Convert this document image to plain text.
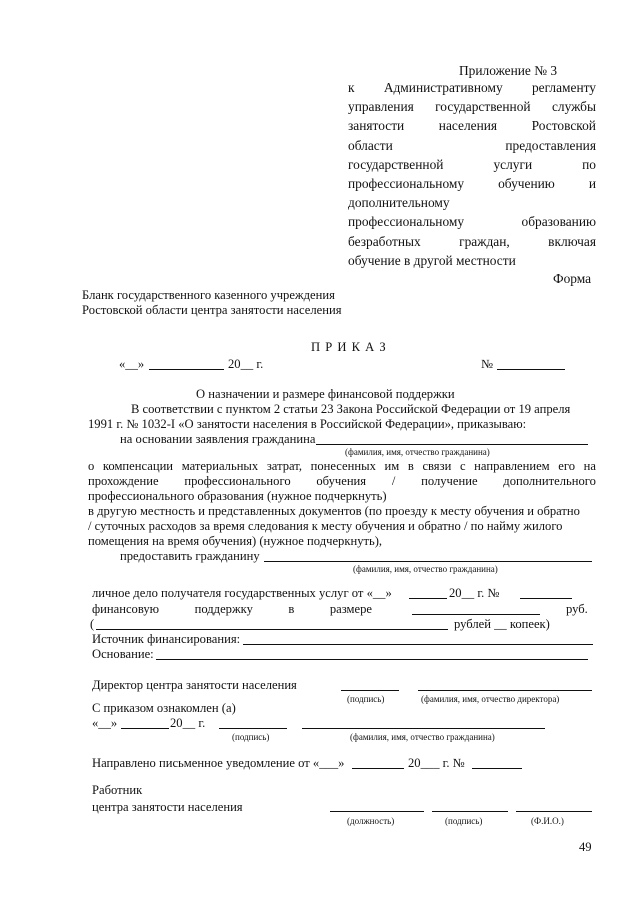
Приложение № 3
к Административному регламенту
управления государственной службы
занятости	населения	Ростовской
области	предоставления
государственной	услуги	по
профессиональному	обучению	и
дополнительному
профессиональному	образованию
безработных	граждан,	включая
обучение в другой местности
Форма
Бланк государственного казенного учреждения
Ростовской области центра занятости населения
П Р И К А З
«__»	20__ г.	№
О назначении и размере финансовой поддержки
В соответствии с пунктом 2 статьи 23 Закона Российской Федерации от 19 апреля
1991 г. № 1032-I «О занятости населения в Российской Федерации», приказываю:
на основании заявления гражданина
(фамилия, имя, отчество гражданина)
о компенсации материальных затрат, понесенных им в связи с направлением его на
прохождение профессионального обучения / получение дополнительного
профессионального образования (нужное подчеркнуть)
в другую местность и представленных документов (по проезду к месту обучения и обратно
/ суточных расходов за время следования к месту обучения и обратно / по найму жилого
помещения на время обучения) (нужное подчеркнуть),
предоставить гражданину
(фамилия, имя, отчество гражданина)
личное дело получателя государственных услуг от «__»	20__ г. №
финансовую	поддержку	в	размере	руб.
(	рублей __ копеек)
Источник финансирования:
Основание:
Директор центра занятости населения
(подпись)	(фамилия, имя, отчество директора)
С приказом ознакомлен (а)
«__»	20__ г.
(подпись)	(фамилия, имя, отчество гражданина)
Направлено письменное уведомление от «___»	20___ г. №
Работник
центра занятости населения
(должность)	(подпись)	(Ф.И.О.)
49
